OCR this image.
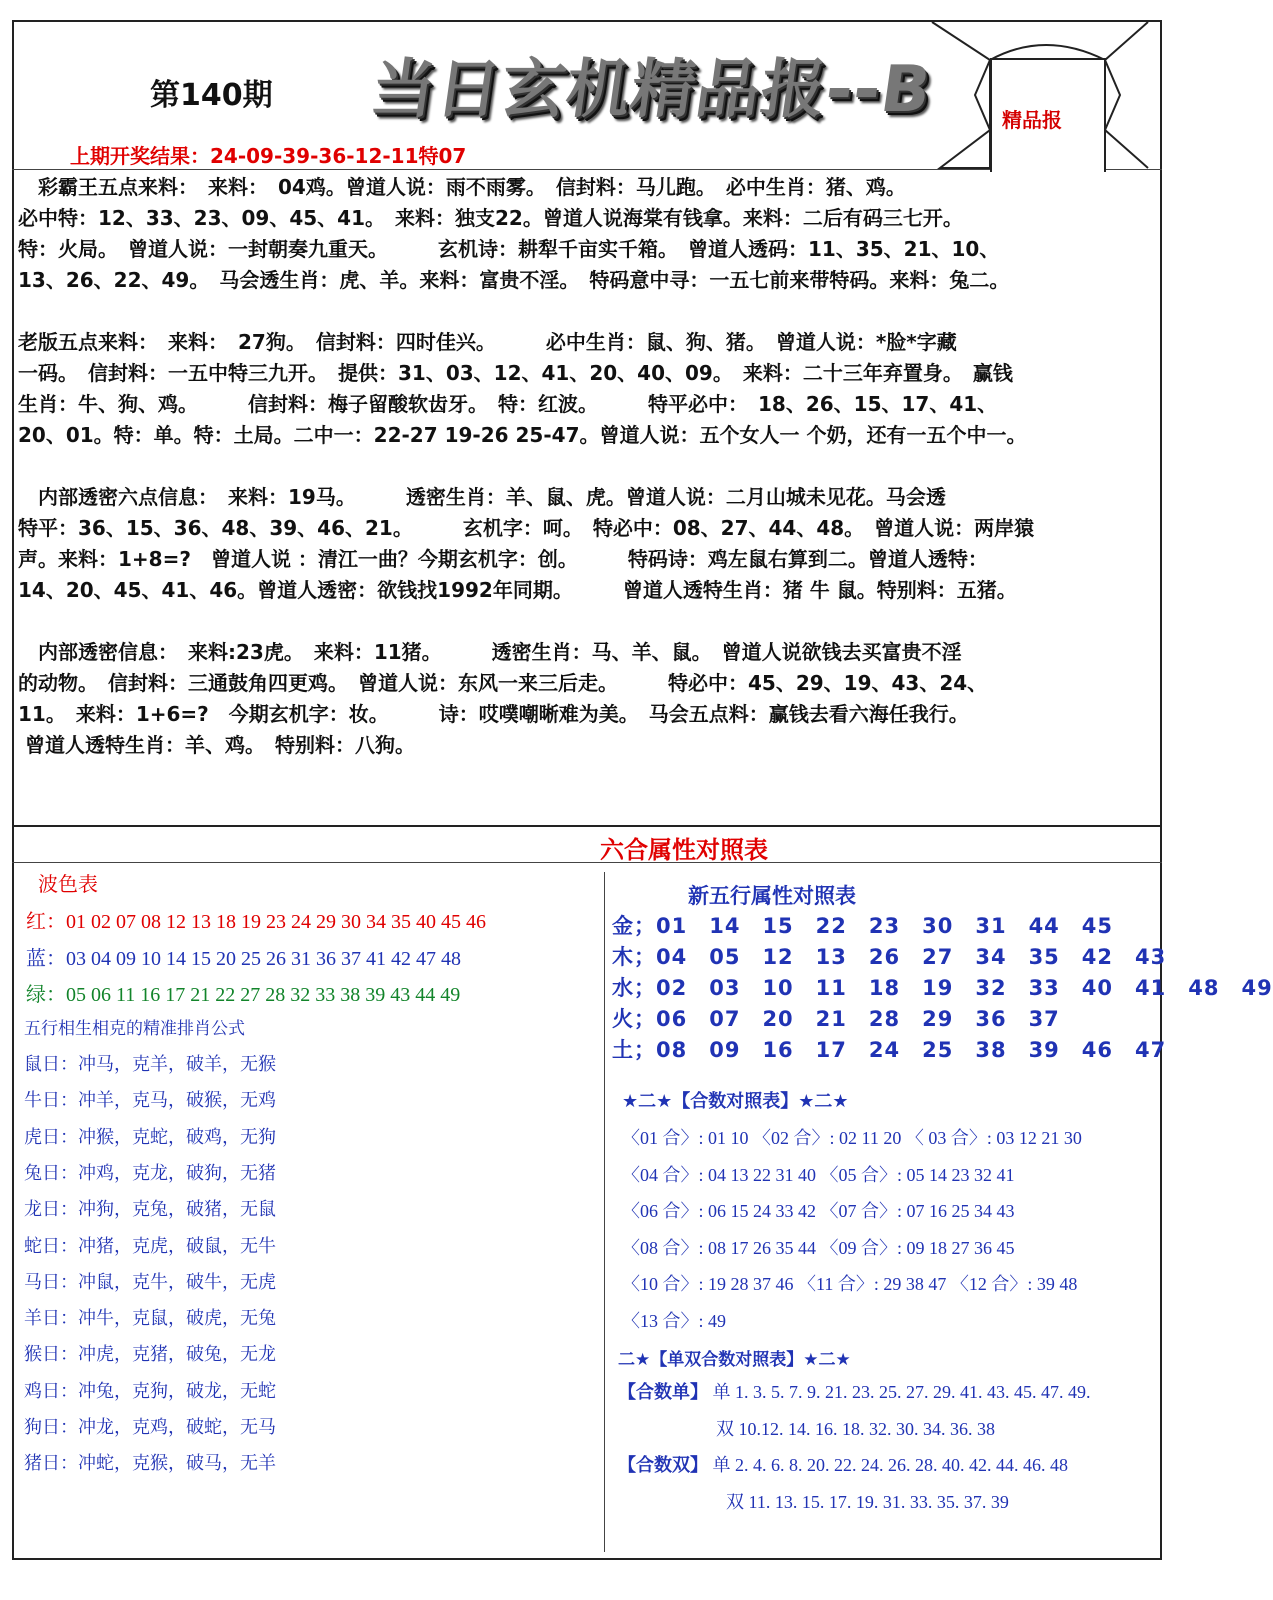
第140期 当日玄机精品报--B	精品报
上期开奖结果：24-09-39-36-12-11特07

　彩霸王五点来料：　来料：　04鸡。曾道人说：雨不雨雾。　信封料：马儿跑。　必中生肖：猪、鸡。
必中特：12、33、23、09、45、41。　来料：独支22。曾道人说海棠有钱拿。来料：二后有码三七开。
特：火局。　曾道人说：一封朝奏九重天。　　　玄机诗：耕犁千亩实千箱。　曾道人透码：11、35、21、10、
13、26、22、49。　马会透生肖：虎、羊。来料：富贵不淫。　特码意中寻：一五七前来带特码。来料：兔二。

老版五点来料：　来料：　27狗。　信封料：四时佳兴。　　　必中生肖：鼠、狗、猪。　曾道人说：*脸*字藏
一码。　信封料：一五中特三九开。　提供：31、03、12、41、20、40、09。　来料：二十三年弃置身。　赢钱
生肖：牛、狗、鸡。　　　信封料：梅子留酸软齿牙。　特：红波。　　　特平必中：　18、26、15、17、41、
20、01。特：单。特：土局。二中一：22-27 19-26 25-47。曾道人说：五个女人一 个奶，还有一五个中一。

　内部透密六点信息：　来料：19马。　　　透密生肖：羊、鼠、虎。曾道人说：二月山城未见花。马会透
特平：36、15、36、48、39、46、21。　　　玄机字：呵。　特必中：08、27、44、48。　曾道人说：两岸猿
声。来料：1+8=?　曾道人说 ：清江一曲？今期玄机字：创。　　　特码诗：鸡左鼠右算到二。曾道人透特：
14、20、45、41、46。曾道人透密：欲钱找1992年同期。　　　曾道人透特生肖：猪 牛 鼠。特别料：五猪。

　内部透密信息：　来料:23虎。　来料：11猪。　　　透密生肖：马、羊、鼠。　曾道人说欲钱去买富贵不淫
的动物。　信封料：三通鼓角四更鸡。　曾道人说：东风一来三后走。　　　特必中：45、29、19、43、24、
11。　来料：1+6=?　今期玄机字：妆。　　　诗：哎噗嘲晰难为美。　马会五点料：赢钱去看六海任我行。
曾道人透特生肖：羊、鸡。　特别料：八狗。

六合属性对照表
波色表
红：01 02 07 08 12 13 18 19 23 24 29 30 34 35 40 45 46
蓝：03 04 09 10 14 15 20 25 26 31 36 37 41 42 47 48
绿：05 06 11 16 17 21 22 27 28 32 33 38 39 43 44 49
五行相生相克的精准排肖公式
鼠日：冲马，克羊，破羊，无猴
牛日：冲羊，克马，破猴，无鸡
虎日：冲猴，克蛇，破鸡，无狗
兔日：冲鸡，克龙，破狗，无猪
龙日：冲狗，克兔，破猪，无鼠
蛇日：冲猪，克虎，破鼠，无牛
马日：冲鼠，克牛，破牛，无虎
羊日：冲牛，克鼠，破虎，无兔
猴日：冲虎，克猪，破兔，无龙
鸡日：冲兔，克狗，破龙，无蛇
狗日：冲龙，克鸡，破蛇，无马
猪日：冲蛇，克猴，破马，无羊
新五行属性对照表
金；01　14　15　22　23　30　31　44　45
木；04　05　12　13　26　27　34　35　42　43
水；02　03　10　11　18　19　32　33　40　41　48　49
火；06　07　20　21　28　29　36　37
土；08　09　16　17　24　25　38　39　46　47
★二★【合数对照表】★二★
〈01 合〉: 01 10 〈02 合〉: 02 11 20 〈 03 合〉: 03 12 21 30
〈04 合〉: 04 13 22 31 40 〈05 合〉: 05 14 23 32 41
〈06 合〉: 06 15 24 33 42 〈07 合〉: 07 16 25 34 43
〈08 合〉: 08 17 26 35 44 〈09 合〉: 09 18 27 36 45
〈10 合〉: 19 28 37 46 〈11 合〉: 29 38 47 〈12 合〉: 39 48
〈13 合〉: 49
二★【单双合数对照表】★二★
【合数单】 单 1. 3. 5. 7. 9. 21. 23. 25. 27. 29. 41. 43. 45. 47. 49.
双 10.12. 14. 16. 18. 32. 30. 34. 36. 38
【合数双】 单 2. 4. 6. 8. 20. 22. 24. 26. 28. 40. 42. 44. 46. 48
双 11. 13. 15. 17. 19. 31. 33. 35. 37. 39
